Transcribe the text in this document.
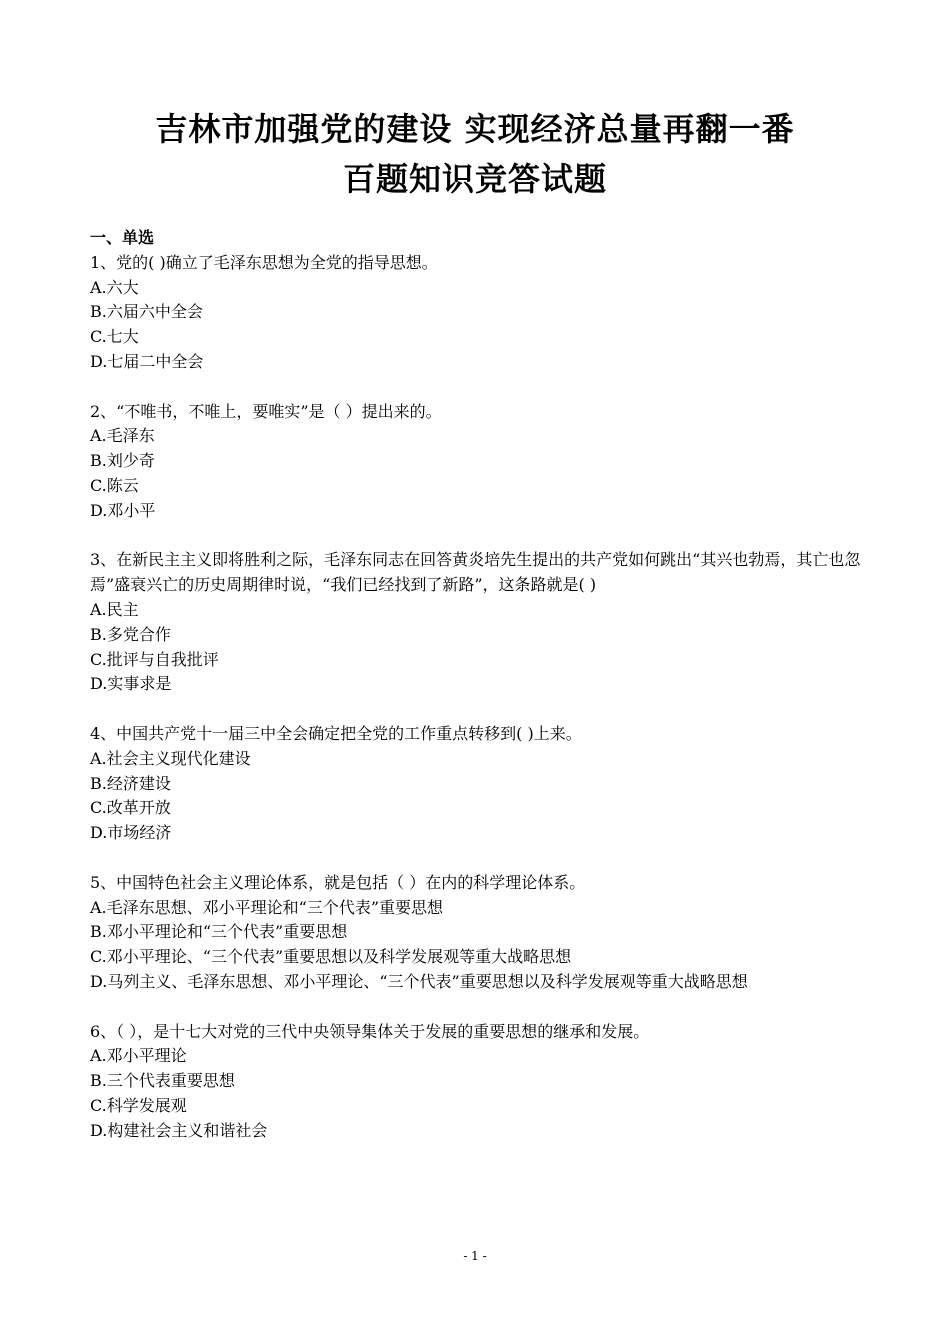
吉林市加强党的建设 实现经济总量再翻一番
百题知识竞答试题
一、单选
1、党的( )确立了毛泽东思想为全党的指导思想。
A.六大
B.六届六中全会
C.七大
D.七届二中全会
2、“不唯书，不唯上，要唯实”是（ ）提出来的。
A.毛泽东
B.刘少奇
C.陈云
D.邓小平
3、在新民主主义即将胜利之际，毛泽东同志在回答黄炎培先生提出的共产党如何跳出“其兴也勃焉，其亡也忽焉”盛衰兴亡的历史周期律时说，“我们已经找到了新路”，这条路就是( )
A.民主
B.多党合作
C.批评与自我批评
D.实事求是
4、中国共产党十一届三中全会确定把全党的工作重点转移到( )上来。
A.社会主义现代化建设
B.经济建设
C.改革开放
D.市场经济
5、中国特色社会主义理论体系，就是包括（ ）在内的科学理论体系。
A.毛泽东思想、邓小平理论和“三个代表”重要思想
B.邓小平理论和“三个代表”重要思想
C.邓小平理论、“三个代表”重要思想以及科学发展观等重大战略思想
D.马列主义、毛泽东思想、邓小平理论、“三个代表”重要思想以及科学发展观等重大战略思想
6、（ ），是十七大对党的三代中央领导集体关于发展的重要思想的继承和发展。
A.邓小平理论
B.三个代表重要思想
C.科学发展观
D.构建社会主义和谐社会
- 1 -
